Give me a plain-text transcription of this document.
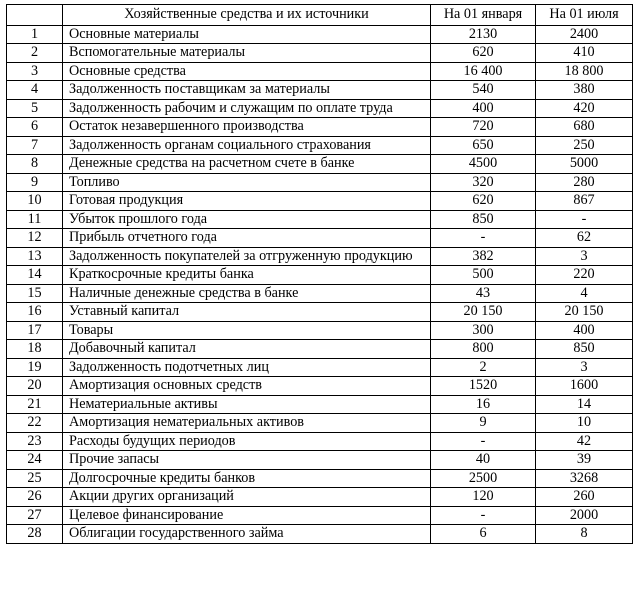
	Хозяйственные средства и их источники	На 01 января	На 01 июля
1	Основные материалы	2130	2400
2	Вспомогательные материалы	620	410
3	Основные средства	16 400	18 800
4	Задолженность поставщикам за материалы	540	380
5	Задолженность рабочим и служащим по оплате труда	400	420
6	Остаток незавершенного производства	720	680
7	Задолженность органам социального страхования	650	250
8	Денежные средства на расчетном счете в банке	4500	5000
9	Топливо	320	280
10	Готовая продукция	620	867
11	Убыток прошлого года	850	-
12	Прибыль отчетного года	-	62
13	Задолженность покупателей за отгруженную продукцию	382	3
14	Краткосрочные кредиты банка	500	220
15	Наличные денежные средства в банке	43	4
16	Уставный капитал	20 150	20 150
17	Товары	300	400
18	Добавочный капитал	800	850
19	Задолженность подотчетных лиц	2	3
20	Амортизация основных средств	1520	1600
21	Нематериальные активы	16	14
22	Амортизация нематериальных активов	9	10
23	Расходы будущих периодов	-	42
24	Прочие запасы	40	39
25	Долгосрочные кредиты банков	2500	3268
26	Акции других организаций	120	260
27	Целевое финансирование	-	2000
28	Облигации государственного займа	6	8
